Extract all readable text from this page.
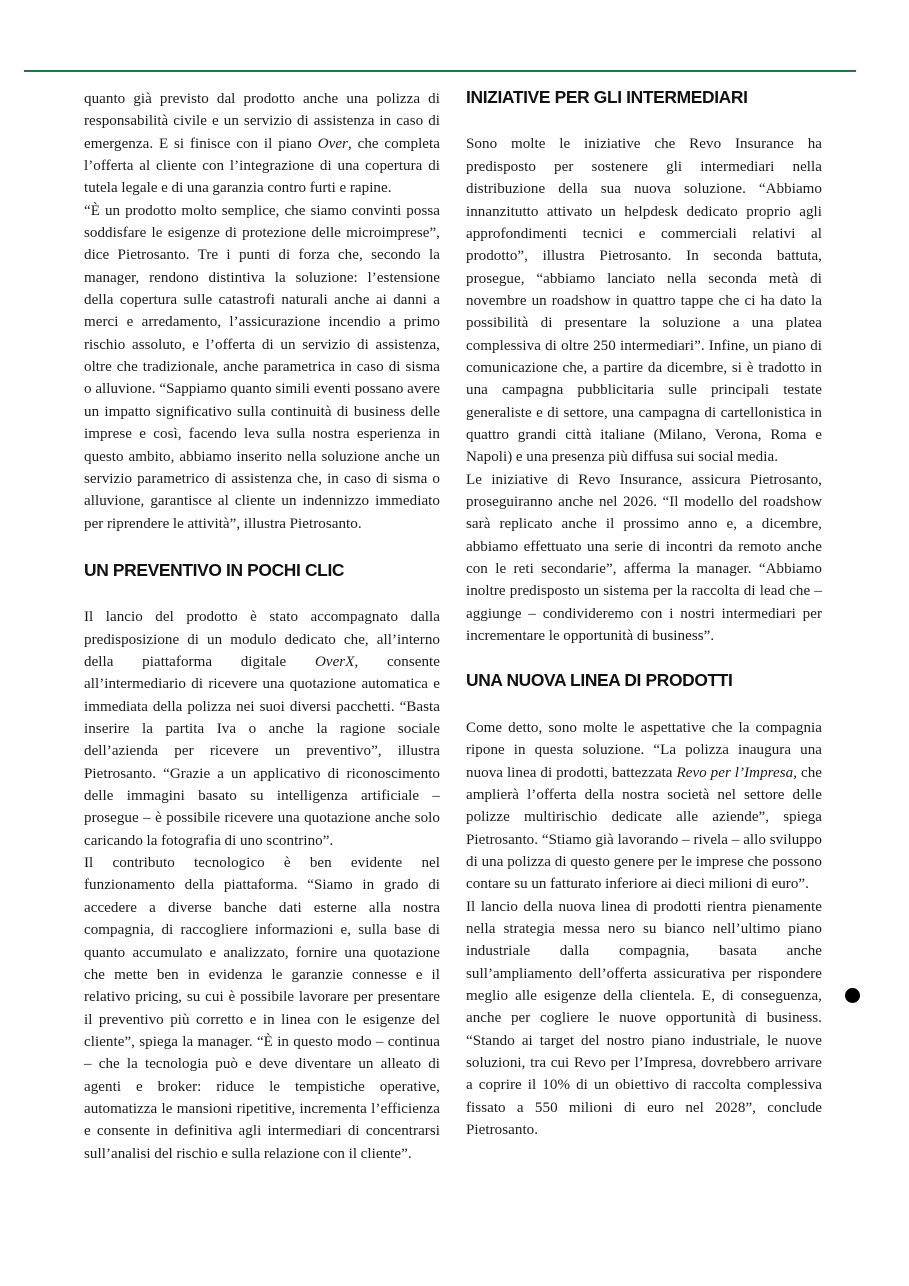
quanto già previsto dal prodotto anche una polizza di responsabilità civile e un servizio di assistenza in caso di emergenza. E si finisce con il piano Over, che completa l’offerta al cliente con l’integrazione di una copertura di tutela legale e di una garanzia contro furti e rapine.

“È un prodotto molto semplice, che siamo convinti possa soddisfare le esigenze di protezione delle microimprese”, dice Pietrosanto. Tre i punti di forza che, secondo la manager, rendono distintiva la soluzione: l’estensione della copertura sulle catastrofi naturali anche ai danni a merci e arredamento, l’assicurazione incendio a primo rischio assoluto, e l’offerta di un servizio di assistenza, oltre che tradizionale, anche parametrica in caso di sisma o alluvione. “Sappiamo quanto simili eventi possano avere un impatto significativo sulla continuità di business delle imprese e così, facendo leva sulla nostra esperienza in questo ambito, abbiamo inserito nella soluzione anche un servizio parametrico di assistenza che, in caso di sisma o alluvione, garantisce al cliente un indennizzo immediato per riprendere le attività”, illustra Pietrosanto.

UN PREVENTIVO IN POCHI CLIC

Il lancio del prodotto è stato accompagnato dalla predisposizione di un modulo dedicato che, all’interno della piattaforma digitale OverX, consente all’intermediario di ricevere una quotazione automatica e immediata della polizza nei suoi diversi pacchetti. “Basta inserire la partita Iva o anche la ragione sociale dell’azienda per ricevere un preventivo”, illustra Pietrosanto. “Grazie a un applicativo di riconoscimento delle immagini basato su intelligenza artificiale – prosegue – è possibile ricevere una quotazione anche solo caricando la fotografia di uno scontrino”.

Il contributo tecnologico è ben evidente nel funzionamento della piattaforma. “Siamo in grado di accedere a diverse banche dati esterne alla nostra compagnia, di raccogliere informazioni e, sulla base di quanto accumulato e analizzato, fornire una quotazione che mette ben in evidenza le garanzie connesse e il relativo pricing, su cui è possibile lavorare per presentare il preventivo più corretto e in linea con le esigenze del cliente”, spiega la manager. “È in questo modo – continua – che la tecnologia può e deve diventare un alleato di agenti e broker: riduce le tempistiche operative, automatizza le mansioni ripetitive, incrementa l’efficienza e consente in definitiva agli intermediari di concentrarsi sull’analisi del rischio e sulla relazione con il cliente”.

INIZIATIVE PER GLI INTERMEDIARI

Sono molte le iniziative che Revo Insurance ha predisposto per sostenere gli intermediari nella distribuzione della sua nuova soluzione. “Abbiamo innanzitutto attivato un helpdesk dedicato proprio agli approfondimenti tecnici e commerciali relativi al prodotto”, illustra Pietrosanto. In seconda battuta, prosegue, “abbiamo lanciato nella seconda metà di novembre un roadshow in quattro tappe che ci ha dato la possibilità di presentare la soluzione a una platea complessiva di oltre 250 intermediari”. Infine, un piano di comunicazione che, a partire da dicembre, si è tradotto in una campagna pubblicitaria sulle principali testate generaliste e di settore, una campagna di cartellonistica in quattro grandi città italiane (Milano, Verona, Roma e Napoli) e una presenza più diffusa sui social media.

Le iniziative di Revo Insurance, assicura Pietrosanto, proseguiranno anche nel 2026. “Il modello del roadshow sarà replicato anche il prossimo anno e, a dicembre, abbiamo effettuato una serie di incontri da remoto anche con le reti secondarie”, afferma la manager. “Abbiamo inoltre predisposto un sistema per la raccolta di lead che – aggiunge – condivideremo con i nostri intermediari per incrementare le opportunità di business”.

UNA NUOVA LINEA DI PRODOTTI

Come detto, sono molte le aspettative che la compagnia ripone in questa soluzione. “La polizza inaugura una nuova linea di prodotti, battezzata Revo per l’Impresa, che amplierà l’offerta della nostra società nel settore delle polizze multirischio dedicate alle aziende”, spiega Pietrosanto. “Stiamo già lavorando – rivela – allo sviluppo di una polizza di questo genere per le imprese che possono contare su un fatturato inferiore ai dieci milioni di euro”.

Il lancio della nuova linea di prodotti rientra pienamente nella strategia messa nero su bianco nell’ultimo piano industriale dalla compagnia, basata anche sull’ampliamento dell’offerta assicurativa per rispondere meglio alle esigenze della clientela. E, di conseguenza, anche per cogliere le nuove opportunità di business. “Stando ai target del nostro piano industriale, le nuove soluzioni, tra cui Revo per l’Impresa, dovrebbero arrivare a coprire il 10% di un obiettivo di raccolta complessiva fissato a 550 milioni di euro nel 2028”, conclude Pietrosanto.
